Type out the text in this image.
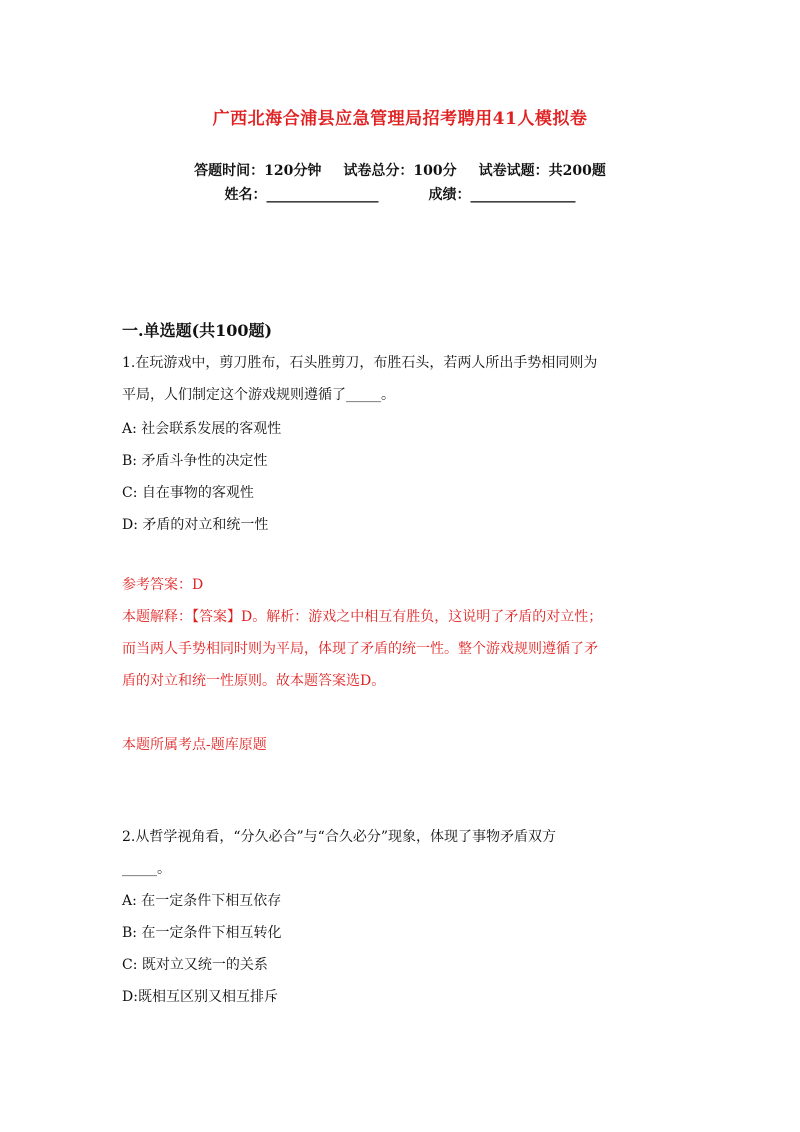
广西北海合浦县应急管理局招考聘用41人模拟卷
答题时间：120分钟 试卷总分：100分 试卷试题：共200题
姓名：________________	成绩：_______________
一.单选题(共100题)
1.在玩游戏中，剪刀胜布，石头胜剪刀，布胜石头，若两人所出手势相同则为
平局，人们制定这个游戏规则遵循了_____。
A: 社会联系发展的客观性
B: 矛盾斗争性的决定性
C: 自在事物的客观性
D: 矛盾的对立和统一性
参考答案：D
本题解释：【答案】D。解析：游戏之中相互有胜负，这说明了矛盾的对立性；
而当两人手势相同时则为平局，体现了矛盾的统一性。整个游戏规则遵循了矛
盾的对立和统一性原则。故本题答案选D。
本题所属考点-题库原题
2.从哲学视角看，“分久必合”与“合久必分”现象，体现了事物矛盾双方
_____。
A: 在一定条件下相互依存
B: 在一定条件下相互转化
C: 既对立又统一的关系
D:既相互区别又相互排斥
